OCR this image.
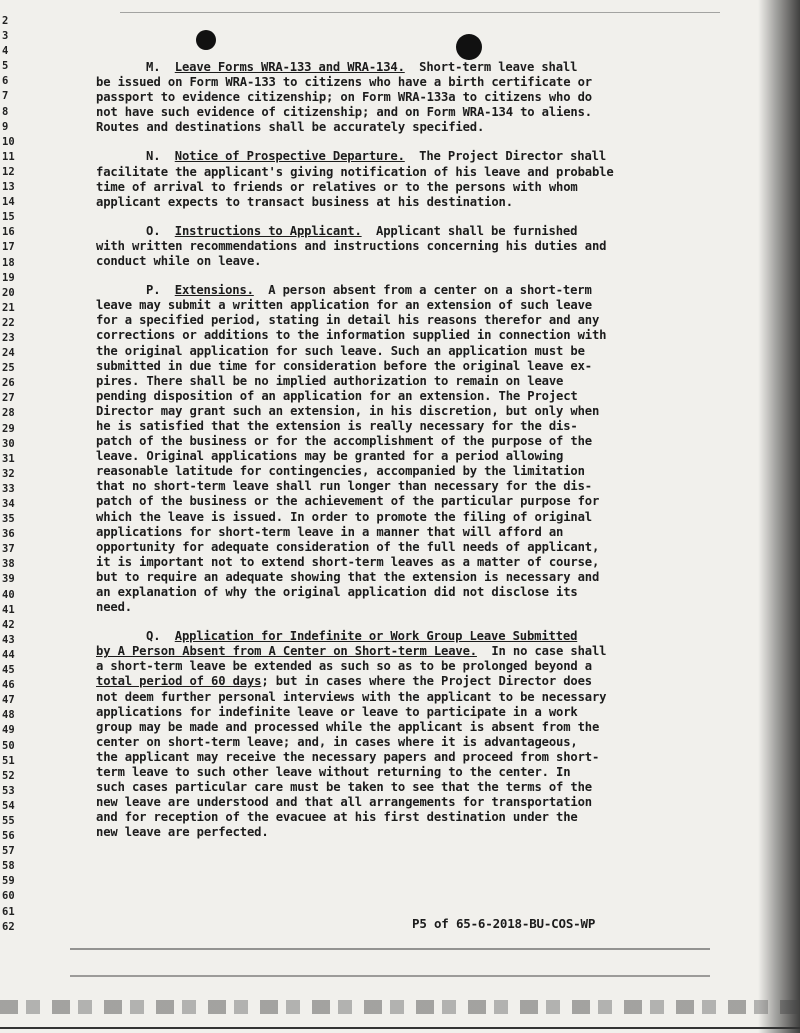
2
3
4
5
6
7
8
9
10
11
12
13
14
15
16
17
18
19
20
21
22
23
24
25
26
27
28
29
30
31
32
33
34
35
36
37
38
39
40
41
42
43
44
45
46
47
48
49
50
51
52
53
54
55
56
57
58
59
60
61
62
M. Leave Forms WRA-133 and WRA-134. Short-term leave shall
be issued on Form WRA-133 to citizens who have a birth certificate or
passport to evidence citizenship; on Form WRA-133a to citizens who do
not have such evidence of citizenship; and on Form WRA-134 to aliens.
Routes and destinations shall be accurately specified.
N. Notice of Prospective Departure. The Project Director shall
facilitate the applicant's giving notification of his leave and probable
time of arrival to friends or relatives or to the persons with whom
applicant expects to transact business at his destination.
O. Instructions to Applicant. Applicant shall be furnished
with written recommendations and instructions concerning his duties and
conduct while on leave.
P. Extensions. A person absent from a center on a short-term
leave may submit a written application for an extension of such leave
for a specified period, stating in detail his reasons therefor and any
corrections or additions to the information supplied in connection with
the original application for such leave. Such an application must be
submitted in due time for consideration before the original leave ex-
pires. There shall be no implied authorization to remain on leave
pending disposition of an application for an extension. The Project
Director may grant such an extension, in his discretion, but only when
he is satisfied that the extension is really necessary for the dis-
patch of the business or for the accomplishment of the purpose of the
leave. Original applications may be granted for a period allowing
reasonable latitude for contingencies, accompanied by the limitation
that no short-term leave shall run longer than necessary for the dis-
patch of the business or the achievement of the particular purpose for
which the leave is issued. In order to promote the filing of original
applications for short-term leave in a manner that will afford an
opportunity for adequate consideration of the full needs of applicant,
it is important not to extend short-term leaves as a matter of course,
but to require an adequate showing that the extension is necessary and
an explanation of why the original application did not disclose its
need.
Q. Application for Indefinite or Work Group Leave Submitted
by A Person Absent from A Center on Short-term Leave. In no case shall
a short-term leave be extended as such so as to be prolonged beyond a
total period of 60 days; but in cases where the Project Director does
not deem further personal interviews with the applicant to be necessary
applications for indefinite leave or leave to participate in a work
group may be made and processed while the applicant is absent from the
center on short-term leave; and, in cases where it is advantageous,
the applicant may receive the necessary papers and proceed from short-
term leave to such other leave without returning to the center. In
such cases particular care must be taken to see that the terms of the
new leave are understood and that all arrangements for transportation
and for reception of the evacuee at his first destination under the
new leave are perfected.
P5 of 65-6-2018-BU-COS-WP
